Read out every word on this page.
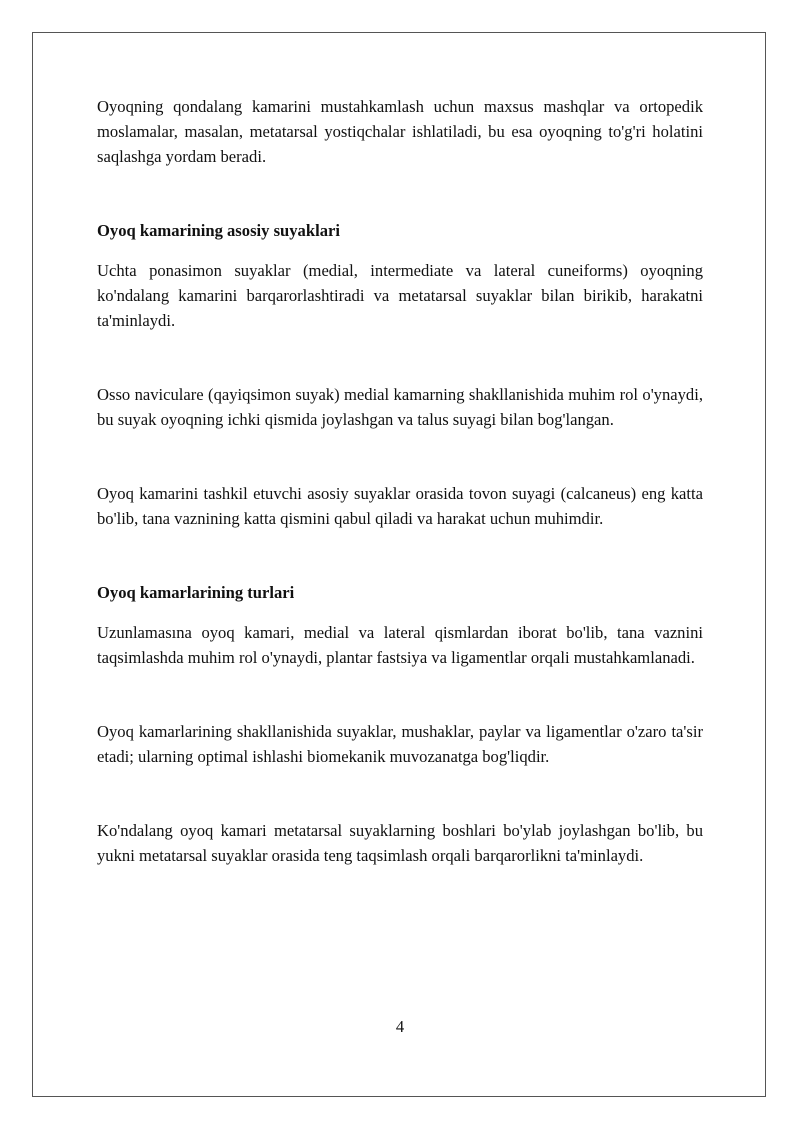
Oyoqning qondalang kamarini mustahkamlash uchun maxsus mashqlar va ortopedik moslamalar, masalan, metatarsal yostiqchalar ishlatiladi, bu esa oyoqning to'g'ri holatini saqlashga yordam beradi.

Oyoq kamarining asosiy suyaklari

Uchta ponasimon suyaklar (medial, intermediate va lateral cuneiforms) oyoqning ko'ndalang kamarini barqarorlashtiradi va metatarsal suyaklar bilan birikib, harakatni ta'minlaydi.

Osso naviculare (qayiqsimon suyak) medial kamarning shakllanishida muhim rol o'ynaydi, bu suyak oyoqning ichki qismida joylashgan va talus suyagi bilan bog'langan.

Oyoq kamarini tashkil etuvchi asosiy suyaklar orasida tovon suyagi (calcaneus) eng katta bo'lib, tana vaznining katta qismini qabul qiladi va harakat uchun muhimdir.

Oyoq kamarlarining turlari

Uzunlamasına oyoq kamari, medial va lateral qismlardan iborat bo'lib, tana vaznini taqsimlashda muhim rol o'ynaydi, plantar fastsiya va ligamentlar orqali mustahkamlanadi.

Oyoq kamarlarining shakllanishida suyaklar, mushaklar, paylar va ligamentlar o'zaro ta'sir etadi; ularning optimal ishlashi biomekanik muvozanatga bog'liqdir.

Ko'ndalang oyoq kamari metatarsal suyaklarning boshlari bo'ylab joylashgan bo'lib, bu yukni metatarsal suyaklar orasida teng taqsimlash orqali barqarorlikni ta'minlaydi.

4
